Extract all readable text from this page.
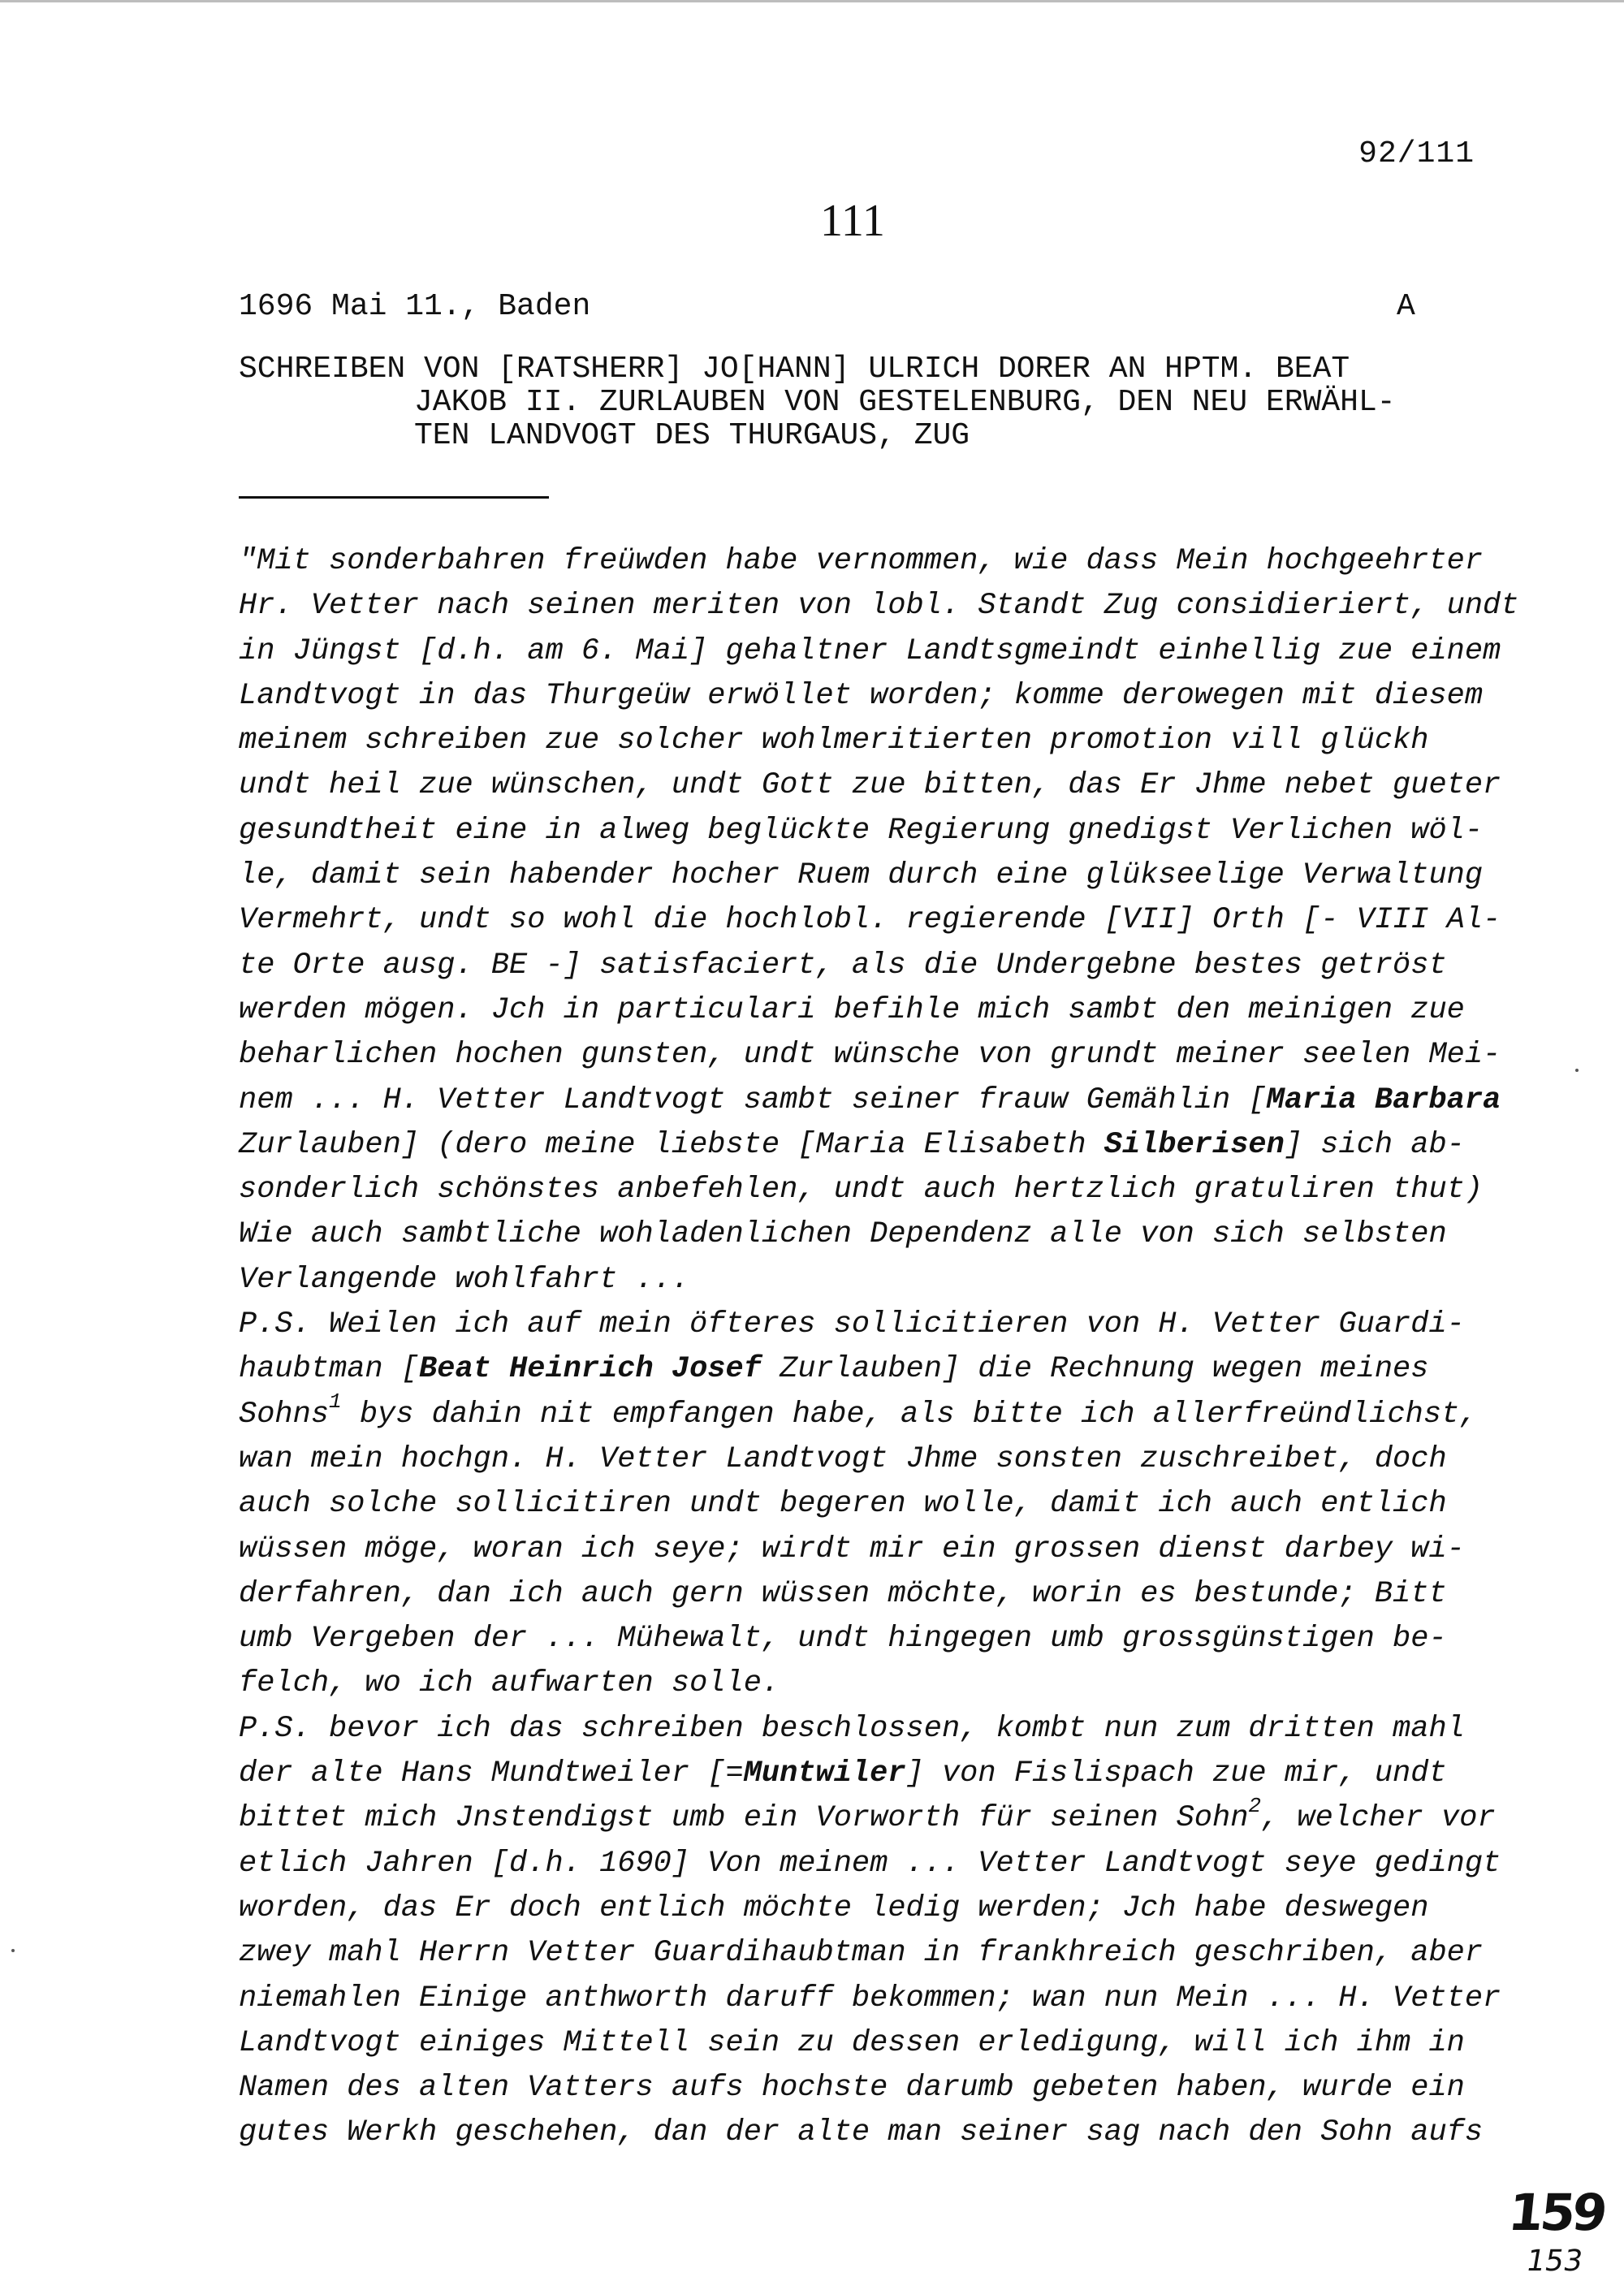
92/111
111
1696 Mai 11., Baden	A
SCHREIBEN VON [RATSHERR] JO[HANN] ULRICH DORER AN HPTM. BEAT
JAKOB II. ZURLAUBEN VON GESTELENBURG, DEN NEU ERWÄHL-
TEN LANDVOGT DES THURGAUS, ZUG
"Mit sonderbahren freüwden habe vernommen, wie dass Mein hochgeehrter
Hr. Vetter nach seinen meriten von lobl. Standt Zug considieriert, undt
in Jüngst [d.h. am 6. Mai] gehaltner Landtsgmeindt einhellig zue einem
Landtvogt in das Thurgeüw erwöllet worden; komme derowegen mit diesem
meinem schreiben zue solcher wohlmeritierten promotion vill glückh
undt heil zue wünschen, undt Gott zue bitten, das Er Jhme nebet gueter
gesundtheit eine in alweg beglückte Regierung gnedigst Verlichen wöl-
le, damit sein habender hocher Ruem durch eine glükseelige Verwaltung
Vermehrt, undt so wohl die hochlobl. regierende [VII] Orth [- VIII Al-
te Orte ausg. BE -] satisfaciert, als die Undergebne bestes getröst
werden mögen. Jch in particulari befihle mich sambt den meinigen zue
beharlichen hochen gunsten, undt wünsche von grundt meiner seelen Mei-
nem ... H. Vetter Landtvogt sambt seiner frauw Gemählin [Maria Barbara
Zurlauben] (dero meine liebste [Maria Elisabeth Silberisen] sich ab-
sonderlich schönstes anbefehlen, undt auch hertzlich gratuliren thut)
Wie auch sambtliche wohladenlichen Dependenz alle von sich selbsten
Verlangende wohlfahrt ...
P.S. Weilen ich auf mein öfteres sollicitieren von H. Vetter Guardi-
haubtman [Beat Heinrich Josef Zurlauben] die Rechnung wegen meines
Sohns$^1$ bys dahin nit empfangen habe, als bitte ich allerfreündlichst,
wan mein hochgn. H. Vetter Landtvogt Jhme sonsten zuschreibet, doch
auch solche sollicitiren undt begeren wolle, damit ich auch entlich
wüssen möge, woran ich seye; wirdt mir ein grossen dienst darbey wi-
derfahren, dan ich auch gern wüssen möchte, worin es bestunde; Bitt
umb Vergeben der ... Mühewalt, undt hingegen umb grossgünstigen be-
felch, wo ich aufwarten solle.
P.S. bevor ich das schreiben beschlossen, kombt nun zum dritten mahl
der alte Hans Mundtweiler [=Muntwiler] von Fislispach zue mir, undt
bittet mich Jnstendigst umb ein Vorworth für seinen Sohn$^2$, welcher vor
etlich Jahren [d.h. 1690] Von meinem ... Vetter Landtvogt seye gedingt
worden, das Er doch entlich möchte ledig werden; Jch habe deswegen
zwey mahl Herrn Vetter Guardihaubtman in frankhreich geschriben, aber
niemahlen Einige anthworth daruff bekommen; wan nun Mein ... H. Vetter
Landtvogt einiges Mittell sein zu dessen erledigung, will ich ihm in
Namen des alten Vatters aufs hochste darumb gebeten haben, wurde ein
gutes Werkh geschehen, dan der alte man seiner sag nach den Sohn aufs
159
153
